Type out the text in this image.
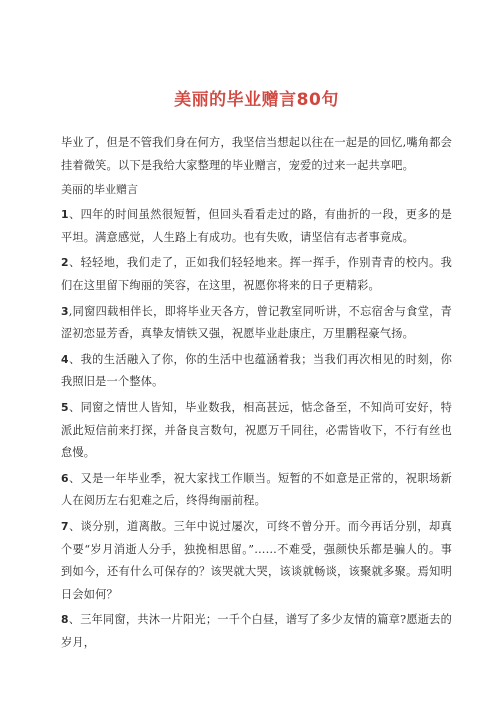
美丽的毕业赠言80句

毕业了，但是不管我们身在何方，我坚信当想起以往在一起是的回忆,嘴角都会挂着微笑。以下是我给大家整理的毕业赠言，宠爱的过来一起共享吧。

美丽的毕业赠言

1、四年的时间虽然很短暂，但回头看看走过的路，有曲折的一段，更多的是平坦。满意感觉，人生路上有成功。也有失败，请坚信有志者事竟成。

2、轻轻地，我们走了，正如我们轻轻地来。挥一挥手，作别青青的校内。我们在这里留下绚丽的笑容，在这里，祝愿你将来的日子更精彩。

3,同窗四载相伴长，即将毕业天各方，曾记教室同听讲，不忘宿舍与食堂，青涩初恋显芳香，真挚友情铁又强，祝愿毕业赴康庄，万里鹏程豪气扬。

4、我的生活融入了你，你的生活中也蕴涵着我；当我们再次相见的时刻，你我照旧是一个整体。

5、同窗之情世人皆知，毕业数我，相高甚远，惦念备至，不知尚可安好，特派此短信前来打探，并备良言数句，祝愿万千同往，必需皆收下，不行有丝也怠慢。

6、又是一年毕业季，祝大家找工作顺当。短暂的不如意是正常的，祝职场新人在阅历左右犯难之后，终得绚丽前程。

7、谈分别，道离散。三年中说过屡次，可终不曾分开。而今再话分别，却真个要“岁月消逝人分手，独挽相思留。”……不难受，强颜快乐都是骗人的。事到如今，还有什么可保存的？该哭就大哭，该谈就畅谈，该聚就多聚。焉知明日会如何？

8、三年同窗，共沐一片阳光；一千个白昼，谱写了多少友情的篇章?愿逝去的岁月，
